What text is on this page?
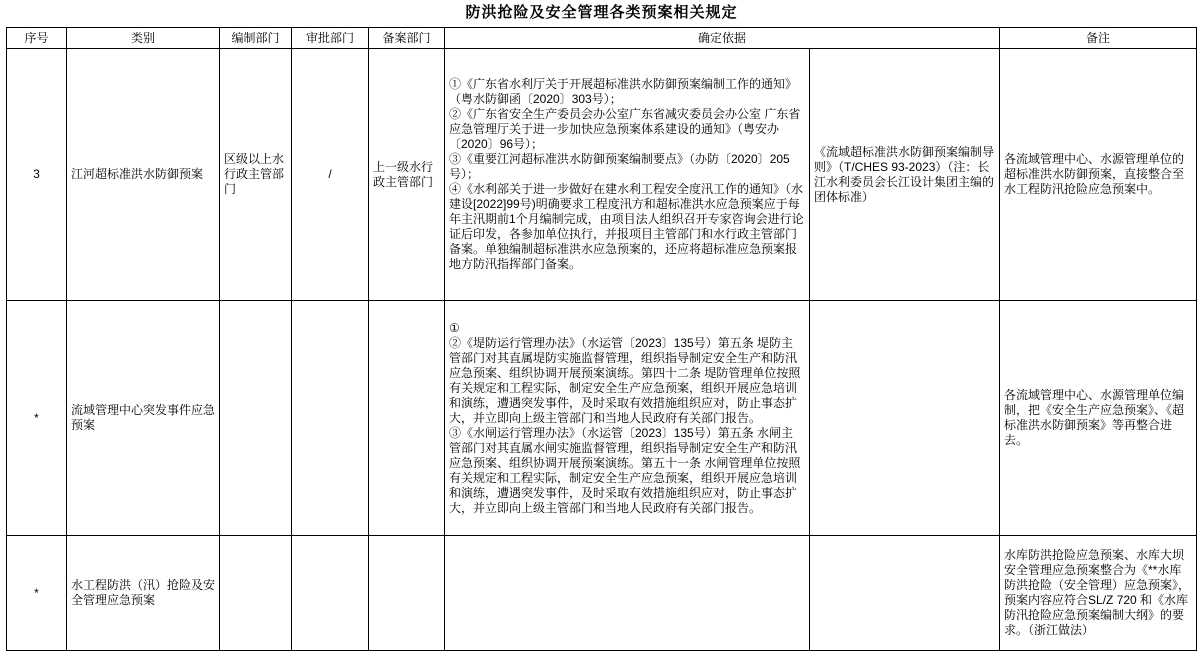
防洪抢险及安全管理各类预案相关规定
序号	类别	编制部门	审批部门	备案部门	确定依据		备注
3	江河超标准洪水防御预案	区级以上水行政主管部门	/	上一级水行政主管部门	①《广东省水利厅关于开展超标准洪水防御预案编制工作的通知》（粤水防御函〔2020〕303号）；
②《广东省安全生产委员会办公室广东省减灾委员会办公室 广东省应急管理厅关于进一步加快应急预案体系建设的通知》（粤安办〔2020〕96号）；
③《重要江河超标准洪水防御预案编制要点》（办防〔2020〕205号）；
④《水利部关于进一步做好在建水利工程安全度汛工作的通知》（水建设[2022]99号)明确要求工程度汛方和超标准洪水应急预案应于每年主汛期前1个月编制完成，由项目法人组织召开专家咨询会进行论证后印发，各参加单位执行，并报项目主管部门和水行政主管部门备案。单独编制超标准洪水应急预案的，还应将超标准应急预案报地方防汛指挥部门备案。	《流域超标准洪水防御预案编制导则》（T/CHES 93-2023）（注：长江水利委员会长江设计集团主编的团体标准）	各流域管理中心、水源管理单位的超标准洪水防御预案，直接整合至水工程防汛抢险应急预案中。
*	流域管理中心突发事件应急预案				①
②《堤防运行管理办法》（水运管〔2023〕135号）第五条 堤防主管部门对其直属堤防实施监督管理，组织指导制定安全生产和防汛应急预案、组织协调开展预案演练。第四十二条 堤防管理单位按照有关规定和工程实际，制定安全生产应急预案，组织开展应急培训和演练，遭遇突发事件，及时采取有效措施组织应对，防止事态扩大，并立即向上级主管部门和当地人民政府有关部门报告。
③《水闸运行管理办法》（水运管〔2023〕135号）第五条 水闸主管部门对其直属水闸实施监督管理，组织指导制定安全生产和防汛应急预案、组织协调开展预案演练。第五十一条 水闸管理单位按照有关规定和工程实际，制定安全生产应急预案，组织开展应急培训和演练，遭遇突发事件，及时采取有效措施组织应对，防止事态扩大，并立即向上级主管部门和当地人民政府有关部门报告。		各流域管理中心、水源管理单位编制，把《安全生产应急预案》、《超标准洪水防御预案》等再整合进去。
*	水工程防洪（汛）抢险及安全管理应急预案						水库防洪抢险应急预案、水库大坝安全管理应急预案整合为《**水库防洪抢险（安全管理）应急预案》，预案内容应符合SL/Z 720 和《水库防汛抢险应急预案编制大纲》的要求。（浙江做法）
